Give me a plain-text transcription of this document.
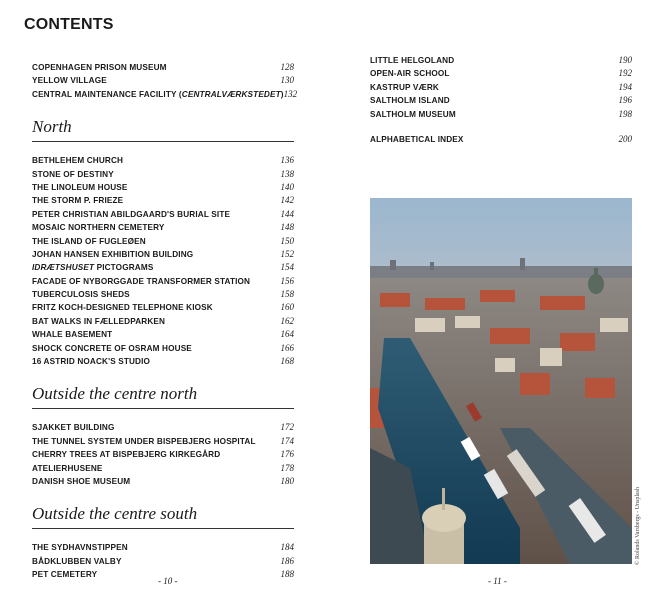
CONTENTS
COPENHAGEN PRISON MUSEUM	128
YELLOW VILLAGE	130
CENTRAL MAINTENANCE FACILITY (CENTRALVÆRKSTEDET) 132
North
BETHLEHEM CHURCH	136
STONE OF DESTINY	138
THE LINOLEUM HOUSE	140
THE STORM P. FRIEZE	142
PETER CHRISTIAN ABILDGAARD'S BURIAL SITE	144
MOSAIC NORTHERN CEMETERY	148
THE ISLAND OF FUGLEØEN	150
JOHAN HANSEN EXHIBITION BUILDING	152
IDRÆTSHUSET PICTOGRAMS	154
FACADE OF NYBORGGADE TRANSFORMER STATION	156
TUBERCULOSIS SHEDS	158
FRITZ KOCH-DESIGNED TELEPHONE KIOSK	160
BAT WALKS IN FÆLLEDPARKEN	162
WHALE BASEMENT	164
SHOCK CONCRETE OF OSRAM HOUSE	166
16 ASTRID NOACK'S STUDIO	168
Outside the centre north
SJAKKET BUILDING	172
THE TUNNEL SYSTEM UNDER BISPEBJERG HOSPITAL	174
CHERRY TREES AT BISPEBJERG KIRKEGÅRD	176
ATELIERHUSENE	178
DANISH SHOE MUSEUM	180
Outside the centre south
THE SYDHAVNSTIPPEN	184
BÅDKLUBBEN VALBY	186
PET CEMETERY	188
LITTLE HELGOLAND	190
OPEN-AIR SCHOOL	192
KASTRUP VÆRK	194
SALTHOLM ISLAND	196
SALTHOLM MUSEUM	198
ALPHABETICAL INDEX	200
© Rolands Varsbergs - Unsplash
- 10 -	- 11 -
